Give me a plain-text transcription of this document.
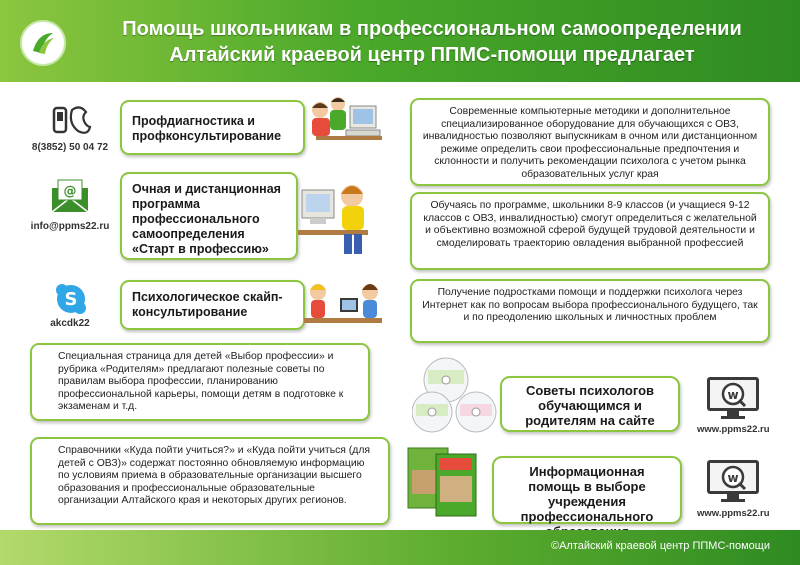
Помощь школьникам в профессиональном самоопределении
Алтайский краевой центр ППМС-помощи предлагает
8(3852) 50 04 72
Профдиагностика и профконсультирование
Современные компьютерные методики и дополнительное специализированное оборудование для обучающихся с ОВЗ, инвалидностью позволяют выпускникам в очном или дистанционном режиме определить свои профессиональные предпочтения и склонности и получить рекомендации психолога с учетом рынка образовательных услуг края
@
info@ppms22.ru
Очная и дистанционная программа профессионального самоопределения «Старт в профессию»
Обучаясь по программе, школьники 8-9 классов (и учащиеся 9-12 классов с ОВЗ, инвалидностью) смогут определиться с желательной и объективно возможной сферой будущей трудовой деятельности и смоделировать траекторию овладения выбранной профессией
S
akcdk22
Психологическое скайп-консультирование
Получение подростками помощи и поддержки психолога через Интернет как по вопросам выбора профессионального будущего, так и по преодолению школьных и личностных проблем
Специальная страница для детей «Выбор профессии» и рубрика «Родителям» предлагают полезные советы по правилам выбора профессии, планированию профессиональной карьеры, помощи детям в подготовке к экзаменам и т.д.
Справочники «Куда пойти учиться?» и «Куда пойти учиться (для детей с ОВЗ)» содержат постоянно обновляемую информацию по условиям приема в образовательные организации высшего образования и профессиональные образовательные организации Алтайского края и некоторых других регионов.
Советы психологов обучающимся и родителям на сайте
w
www.ppms22.ru
Информационная помощь в выборе учреждения профессионального
w
www.ppms22.ru
©Алтайский краевой центр ППМС-помощи
